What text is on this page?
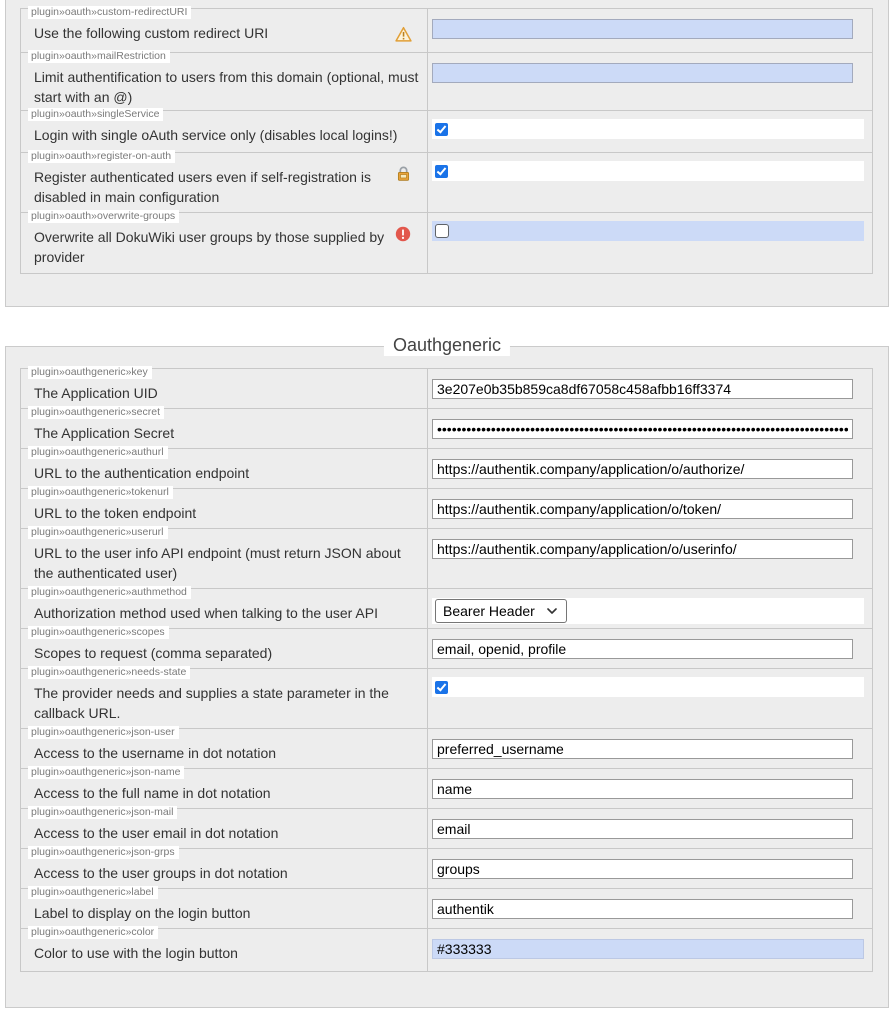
plugin»oauth»custom-redirectURI
Use the following custom redirect URI
plugin»oauth»mailRestriction
Limit authentification to users from this domain (optional, must start with an @)
plugin»oauth»singleService
Login with single oAuth service only (disables local logins!)
plugin»oauth»register-on-auth
Register authenticated users even if self-registration is disabled in main configuration
plugin»oauth»overwrite-groups
Overwrite all DokuWiki user groups by those supplied by provider
Oauthgeneric
plugin»oauthgeneric»key
The Application UID
3e207e0b35b859ca8df67058c458afbb16ff3374
plugin»oauthgeneric»secret
The Application Secret
••••••••••••••••••••••••••••••••••••••••••••••••••••••••••••••••••••••••••••••••••••••••••
plugin»oauthgeneric»authurl
URL to the authentication endpoint
https://authentik.company/application/o/authorize/
plugin»oauthgeneric»tokenurl
URL to the token endpoint
https://authentik.company/application/o/token/
plugin»oauthgeneric»userurl
URL to the user info API endpoint (must return JSON about the authenticated user)
https://authentik.company/application/o/userinfo/
plugin»oauthgeneric»authmethod
Authorization method used when talking to the user API	Bearer Header
plugin»oauthgeneric»scopes
Scopes to request (comma separated)
email, openid, profile
plugin»oauthgeneric»needs-state
The provider needs and supplies a state parameter in the callback URL.
plugin»oauthgeneric»json-user
Access to the username in dot notation
preferred_username
plugin»oauthgeneric»json-name
Access to the full name in dot notation
name
plugin»oauthgeneric»json-mail
Access to the user email in dot notation
email
plugin»oauthgeneric»json-grps
Access to the user groups in dot notation
groups
plugin»oauthgeneric»label
Label to display on the login button
authentik
plugin»oauthgeneric»color
Color to use with the login button
#333333
